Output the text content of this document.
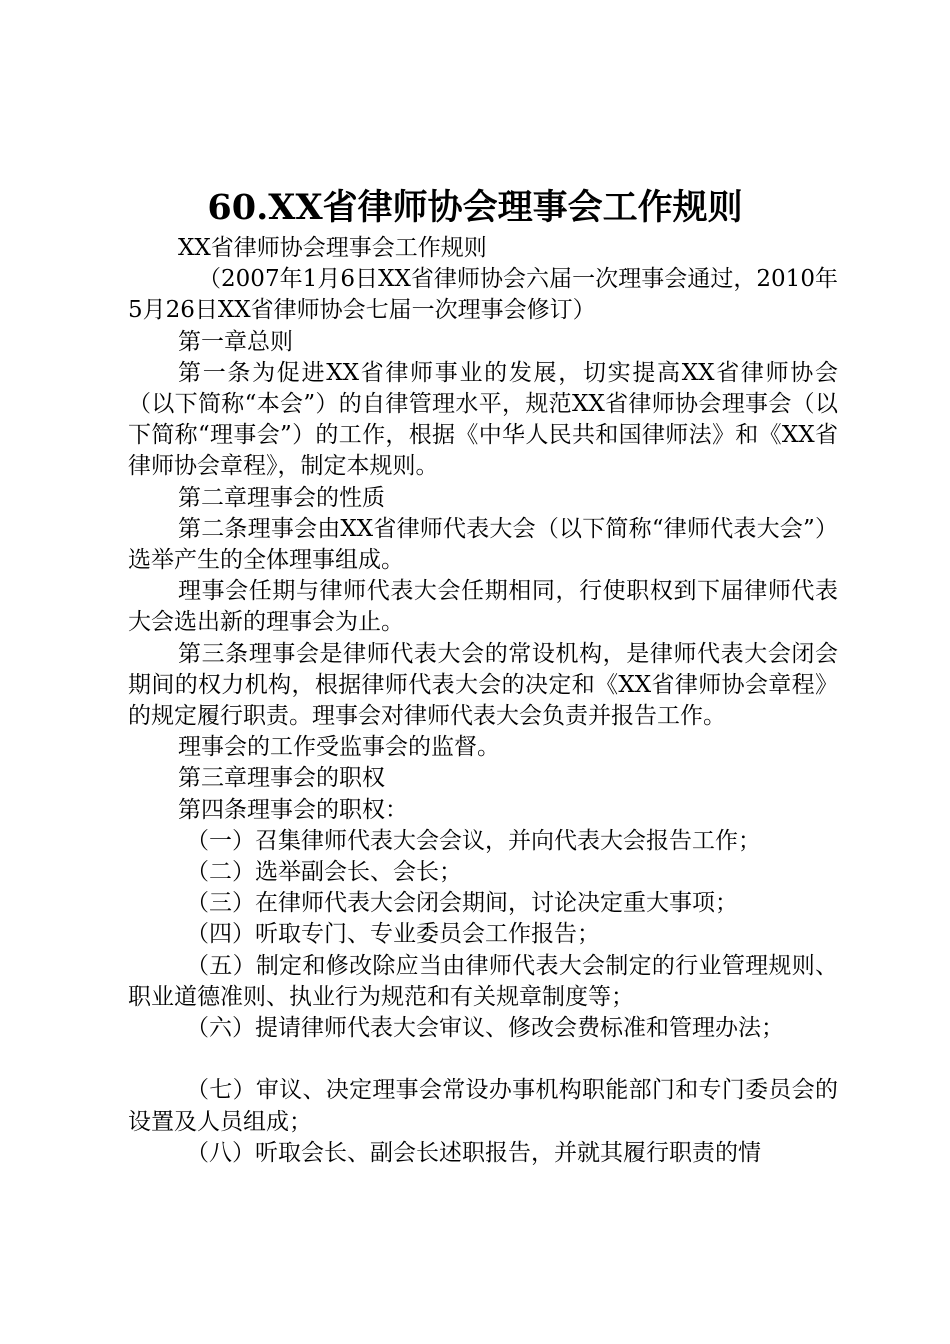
60.XX省律师协会理事会工作规则

XX省律师协会理事会工作规则

（2007年1月6日XX省律师协会六届一次理事会通过，2010年5月26日XX省律师协会七届一次理事会修订）

第一章总则

第一条为促进XX省律师事业的发展，切实提高XX省律师协会（以下简称“本会”）的自律管理水平，规范XX省律师协会理事会（以下简称“理事会”）的工作，根据《中华人民共和国律师法》和《XX省律师协会章程》，制定本规则。

第二章理事会的性质

第二条理事会由XX省律师代表大会（以下简称“律师代表大会”）选举产生的全体理事组成。

理事会任期与律师代表大会任期相同，行使职权到下届律师代表大会选出新的理事会为止。

第三条理事会是律师代表大会的常设机构，是律师代表大会闭会期间的权力机构，根据律师代表大会的决定和《XX省律师协会章程》的规定履行职责。理事会对律师代表大会负责并报告工作。

理事会的工作受监事会的监督。

第三章理事会的职权

第四条理事会的职权：

（一）召集律师代表大会会议，并向代表大会报告工作；

（二）选举副会长、会长；

（三）在律师代表大会闭会期间，讨论决定重大事项；

（四）听取专门、专业委员会工作报告；

（五）制定和修改除应当由律师代表大会制定的行业管理规则、职业道德准则、执业行为规范和有关规章制度等；

（六）提请律师代表大会审议、修改会费标准和管理办法；

（七）审议、决定理事会常设办事机构职能部门和专门委员会的设置及人员组成；

（八）听取会长、副会长述职报告，并就其履行职责的情
